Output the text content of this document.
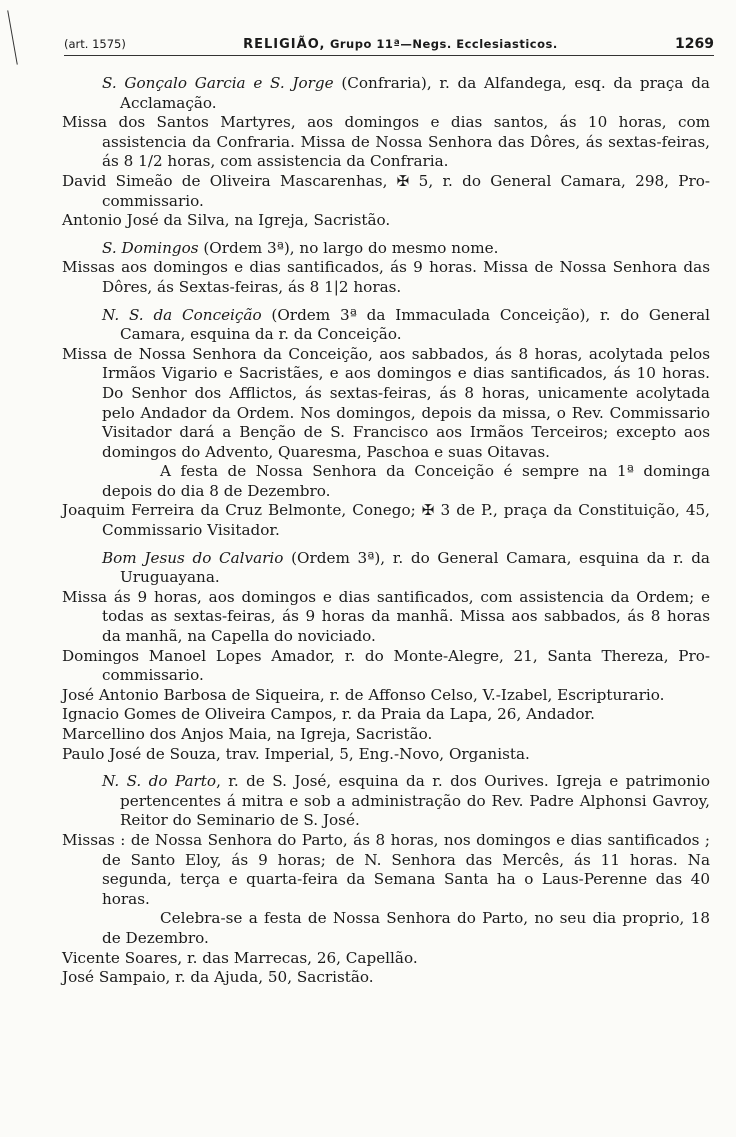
(art. 1575)	RELIGIÃO, Grupo 11ª—Negs. Ecclesiasticos.	1269

S. Gonçalo Garcia e S. Jorge (Confraria), r. da Alfandega, esq. da praça da Acclamação.

Missa dos Santos Martyres, aos domingos e dias santos, ás 10 horas, com assistencia da Confraria. Missa de Nossa Senhora das Dôres, ás sextas-feiras, ás 8 1/2 horas, com assistencia da Confraria.

David Simeão de Oliveira Mascarenhas, ✠ 5, r. do General Camara, 298, Pro-commissario.

Antonio José da Silva, na Igreja, Sacristão.

S. Domingos (Ordem 3ª), no largo do mesmo nome.

Missas aos domingos e dias santificados, ás 9 horas. Missa de Nossa Senhora das Dôres, ás Sextas-feiras, ás 8 1|2 horas.

N. S. da Conceição (Ordem 3ª da Immaculada Conceição), r. do General Camara, esquina da r. da Conceição.

Missa de Nossa Senhora da Conceição, aos sabbados, ás 8 horas, acolytada pelos Irmãos Vigario e Sacristães, e aos domingos e dias santificados, ás 10 horas. Do Senhor dos Afflictos, ás sextas-feiras, ás 8 horas, unicamente acolytada pelo Andador da Ordem. Nos domingos, depois da missa, o Rev. Commissario Visitador dará a Benção de S. Francisco aos Irmãos Terceiros; excepto aos domingos do Advento, Quaresma, Paschoa e suas Oitavas.

A festa de Nossa Senhora da Conceição é sempre na 1ª dominga depois do dia 8 de Dezembro.

Joaquim Ferreira da Cruz Belmonte, Conego; ✠ 3 de P., praça da Constituição, 45, Commissario Visitador.

Bom Jesus do Calvario (Ordem 3ª), r. do General Camara, esquina da r. da Uruguayana.

Missa ás 9 horas, aos domingos e dias santificados, com assistencia da Ordem; e todas as sextas-feiras, ás 9 horas da manhã. Missa aos sabbados, ás 8 horas da manhã, na Capella do noviciado.

Domingos Manoel Lopes Amador, r. do Monte-Alegre, 21, Santa Thereza, Pro-commissario.

José Antonio Barbosa de Siqueira, r. de Affonso Celso, V.-Izabel, Escripturario.

Ignacio Gomes de Oliveira Campos, r. da Praia da Lapa, 26, Andador.

Marcellino dos Anjos Maia, na Igreja, Sacristão.

Paulo José de Souza, trav. Imperial, 5, Eng.-Novo, Organista.

N. S. do Parto, r. de S. José, esquina da r. dos Ourives. Igreja e patrimonio pertencentes á mitra e sob a administração do Rev. Padre Alphonsi Gavroy, Reitor do Seminario de S. José.

Missas : de Nossa Senhora do Parto, ás 8 horas, nos domingos e dias santificados ; de Santo Eloy, ás 9 horas; de N. Senhora das Mercês, ás 11 horas. Na segunda, terça e quarta-feira da Semana Santa ha o Laus-Perenne das 40 horas.

Celebra-se a festa de Nossa Senhora do Parto, no seu dia proprio, 18 de Dezembro.

Vicente Soares, r. das Marrecas, 26, Capellão.

José Sampaio, r. da Ajuda, 50, Sacristão.
